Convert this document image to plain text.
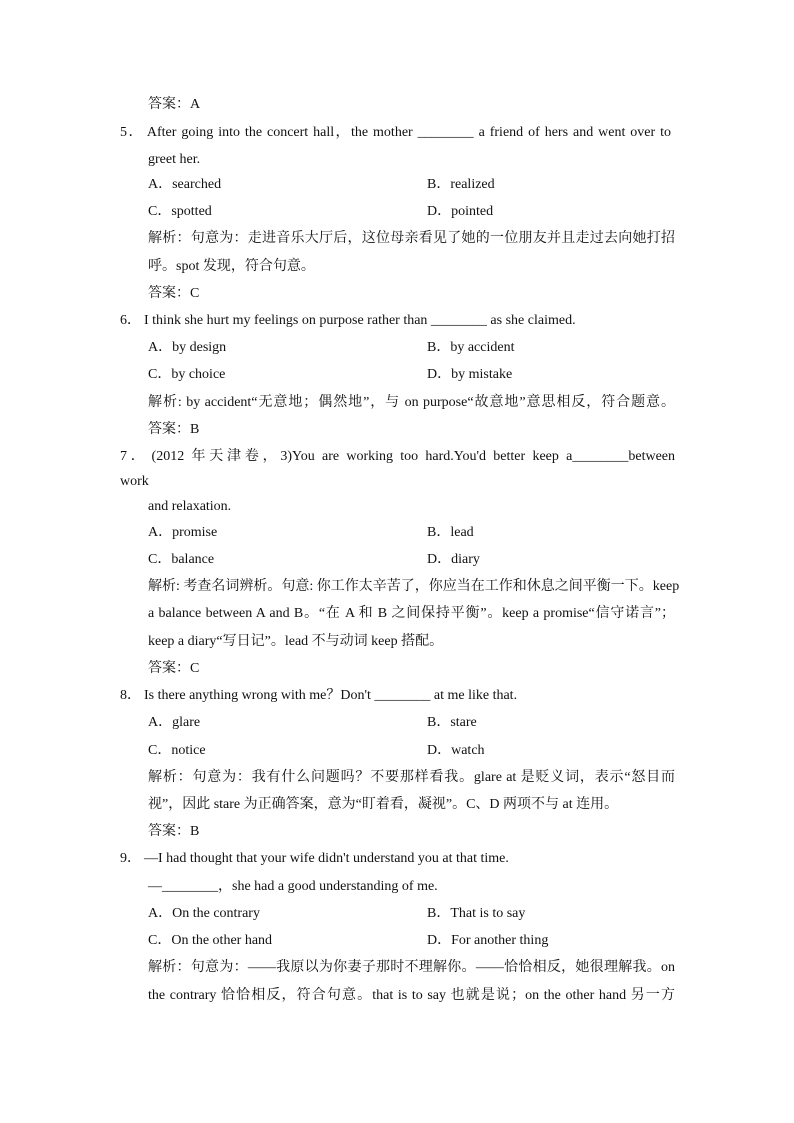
答案：A
5． After going into the concert hall，the mother ________ a friend of hers and went over to
greet her.
A．searched	B．realized
C．spotted	D．pointed
解析：句意为：走进音乐大厅后，这位母亲看见了她的一位朋友并且走过去向她打招
呼。spot 发现，符合句意。
答案：C
6． I think she hurt my feelings on purpose rather than ________ as she claimed.
A．by design	B．by accident
C．by choice	D．by mistake
解析: by accident“无意地；偶然地”，与 on purpose“故意地”意思相反，符合题意。
答案：B
7． (2012 年天津卷，3)You are working too hard.You'd better keep a________between
work
and relaxation.
A．promise	B．lead
C．balance	D．diary
解析: 考查名词辨析。句意: 你工作太辛苦了，你应当在工作和休息之间平衡一下。keep
a balance between A and B。“在 A 和 B 之间保持平衡”。keep a promise“信守诺言”；
keep a diary“写日记”。lead 不与动词 keep 搭配。
答案：C
8． Is there anything wrong with me？Don't ________ at me like that.
A．glare	B．stare
C．notice	D．watch
解析：句意为：我有什么问题吗？不要那样看我。glare at 是贬义词，表示“怒目而
视”，因此 stare 为正确答案，意为“盯着看，凝视”。C、D 两项不与 at 连用。
答案：B
9． —I had thought that your wife didn't understand you at that time.
—________，she had a good understanding of me.
A．On the contrary	B．That is to say
C．On the other hand	D．For another thing
解析：句意为：——我原以为你妻子那时不理解你。——恰恰相反，她很理解我。on
the contrary 恰恰相反，符合句意。that is to say 也就是说；on the other hand 另一方
